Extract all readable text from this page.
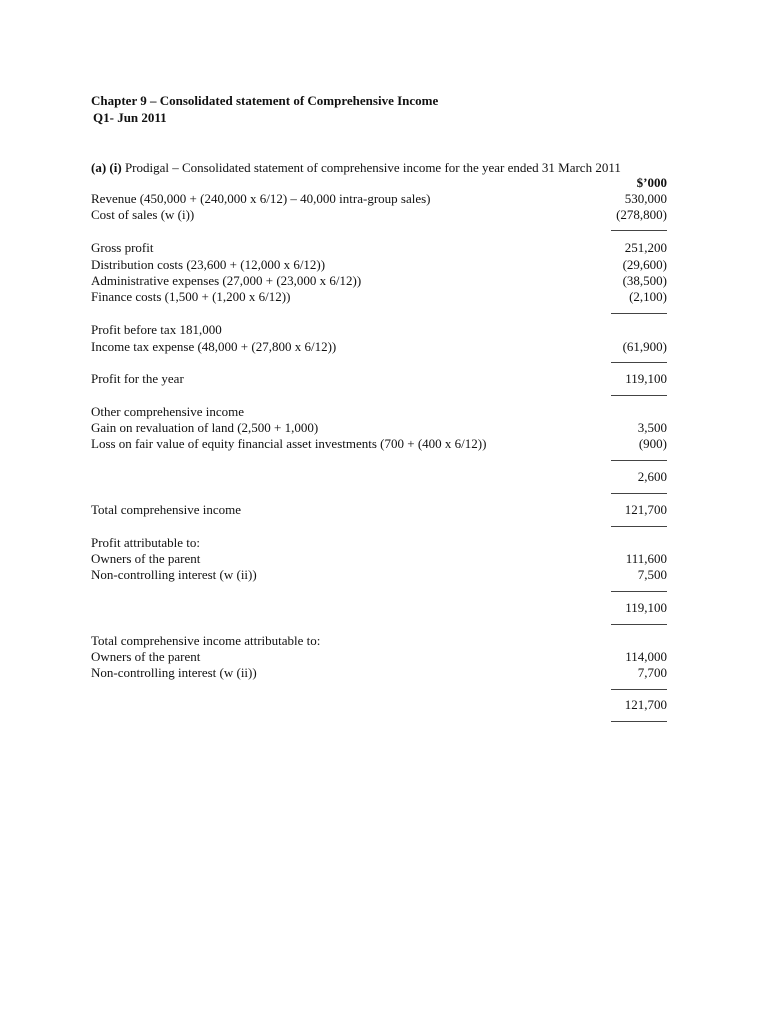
Chapter 9 – Consolidated statement of Comprehensive Income
Q1- Jun 2011
(a) (i) Prodigal – Consolidated statement of comprehensive income for the year ended 31 March 2011
$’000
Revenue (450,000 + (240,000 x 6/12) – 40,000 intra-group sales)	530,000
Cost of sales (w (i))	(278,800)
Gross profit	251,200
Distribution costs (23,600 + (12,000 x 6/12))	(29,600)
Administrative expenses (27,000 + (23,000 x 6/12))	(38,500)
Finance costs (1,500 + (1,200 x 6/12))	(2,100)
Profit before tax 181,000
Income tax expense (48,000 + (27,800 x 6/12))	(61,900)
Profit for the year	119,100
Other comprehensive income
Gain on revaluation of land (2,500 + 1,000)	3,500
Loss on fair value of equity financial asset investments (700 + (400 x 6/12))	(900)
2,600
Total comprehensive income	121,700
Profit attributable to:
Owners of the parent	111,600
Non-controlling interest (w (ii))	7,500
119,100
Total comprehensive income attributable to:
Owners of the parent	114,000
Non-controlling interest (w (ii))	7,700
121,700
